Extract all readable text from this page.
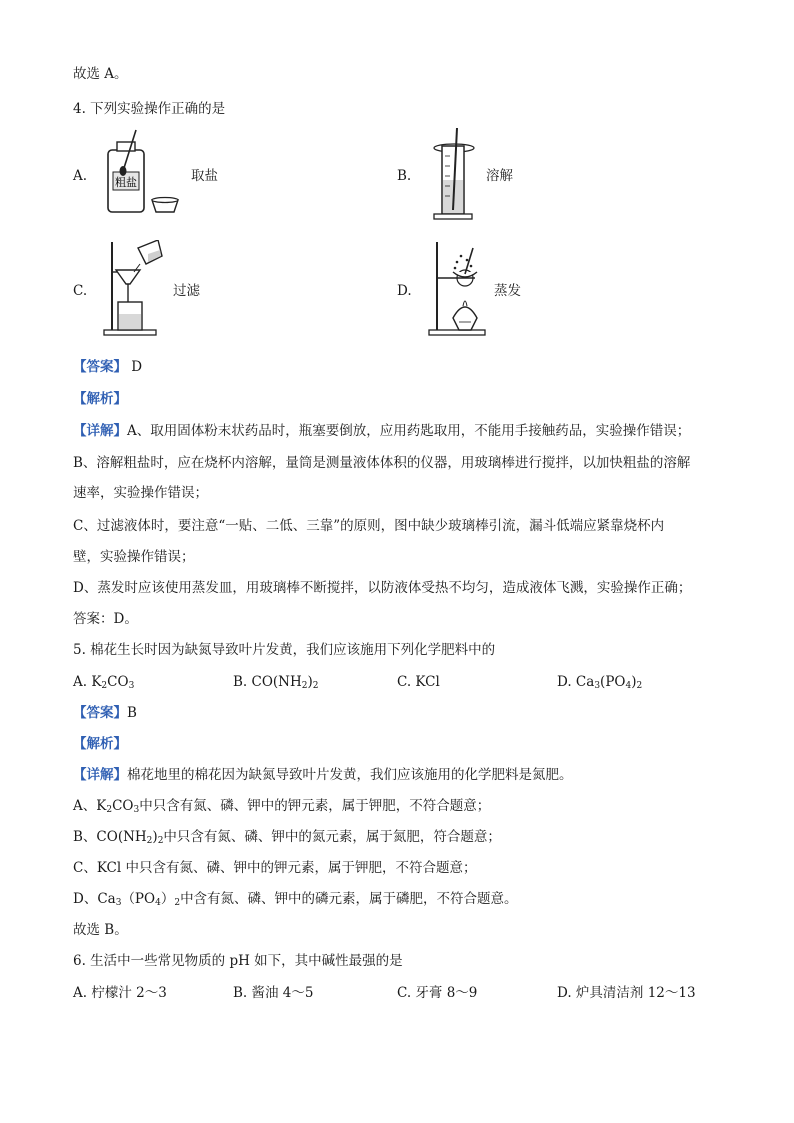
故选 A。
4. 下列实验操作正确的是
A.	取盐	B.	溶解
C.	过滤	D.	蒸发
粗盐
【答案】 D
【解析】
【详解】A、取用固体粉末状药品时，瓶塞要倒放，应用药匙取用，不能用手接触药品，实验操作错误；
B、溶解粗盐时，应在烧杯内溶解，量筒是测量液体体积的仪器，用玻璃棒进行搅拌，以加快粗盐的溶解
速率，实验操作错误；
C、过滤液体时，要注意“一贴、二低、三靠”的原则，图中缺少玻璃棒引流，漏斗低端应紧靠烧杯内
壁，实验操作错误；
D、蒸发时应该使用蒸发皿，用玻璃棒不断搅拌，以防液体受热不均匀，造成液体飞溅，实验操作正确；
答案：D。
5. 棉花生长时因为缺氮导致叶片发黄，我们应该施用下列化学肥料中的
A. $K_2CO_3$	B. $CO(NH_2)_2$	C. KCl	D. $Ca_3(PO_4)_2$
【答案】B
【解析】
【详解】棉花地里的棉花因为缺氮导致叶片发黄，我们应该施用的化学肥料是氮肥。
A、$K_2CO_3$中只含有氮、磷、钾中的钾元素，属于钾肥，不符合题意；
B、$CO(NH_2)_2$中只含有氮、磷、钾中的氮元素，属于氮肥，符合题意；
C、KCl 中只含有氮、磷、钾中的钾元素，属于钾肥，不符合题意；
D、$Ca_3(PO_4)_2$中含有氮、磷、钾中的磷元素，属于磷肥，不符合题意。
故选 B。
6. 生活中一些常见物质的 pH 如下，其中碱性最强的是
A. 柠檬汁 2～3	B. 酱油 4～5	C. 牙膏 8～9	D. 炉具清洁剂 12～13
